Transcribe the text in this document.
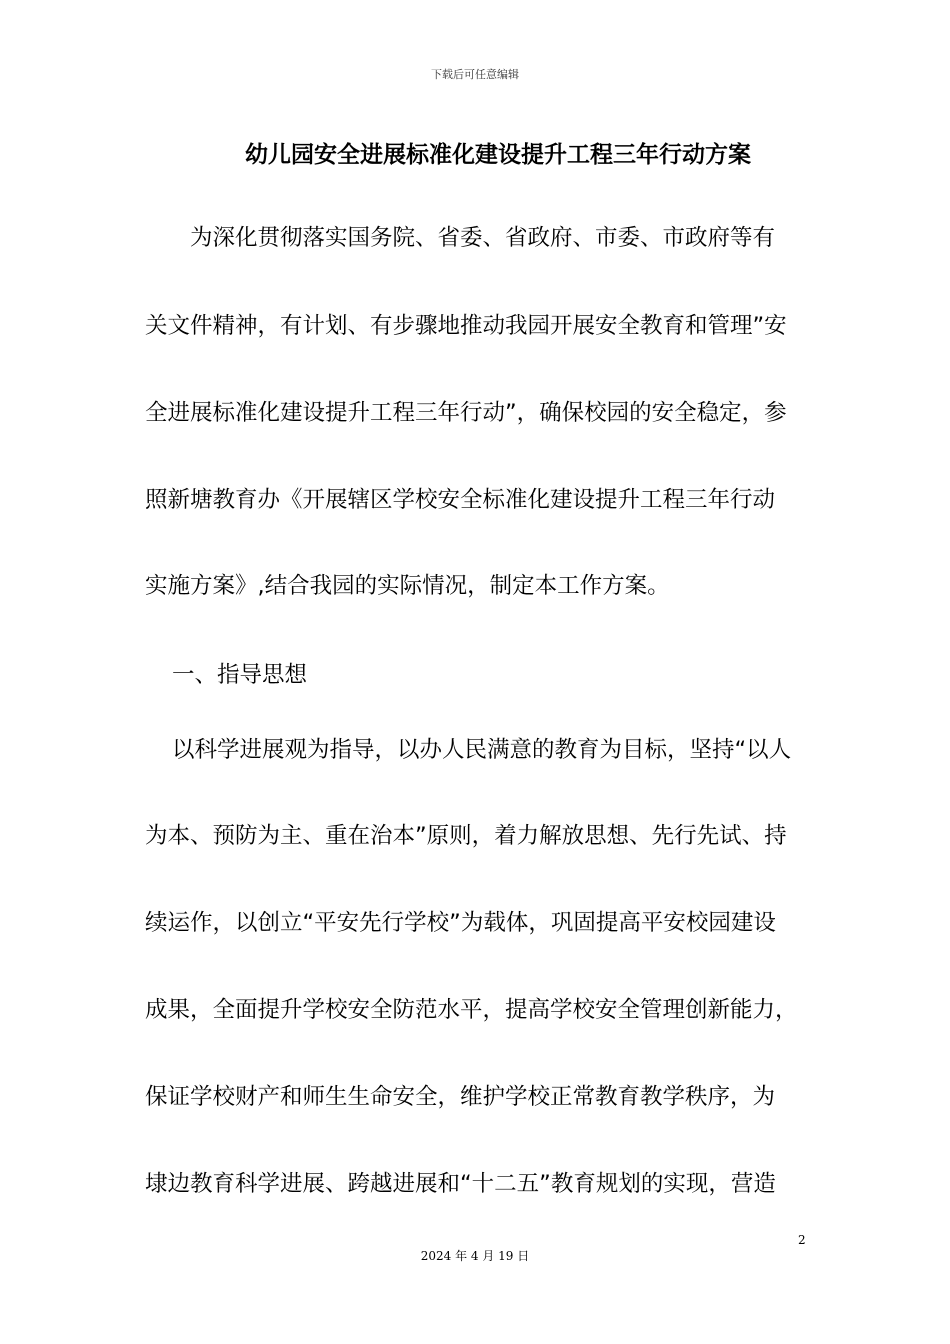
下载后可任意编辑
幼儿园安全进展标准化建设提升工程三年行动方案
为深化贯彻落实国务院、省委、省政府、市委、市政府等有
关文件精神，有计划、有步骤地推动我园开展安全教育和管理”安
全进展标准化建设提升工程三年行动”，确保校园的安全稳定，参
照新塘教育办《开展辖区学校安全标准化建设提升工程三年行动
实施方案》,结合我园的实际情况，制定本工作方案。
一、指导思想
以科学进展观为指导，以办人民满意的教育为目标，坚持“以人
为本、预防为主、重在治本”原则，着力解放思想、先行先试、持
续运作，以创立“平安先行学校”为载体，巩固提高平安校园建设
成果，全面提升学校安全防范水平，提高学校安全管理创新能力，
保证学校财产和师生生命安全，维护学校正常教育教学秩序，为
埭边教育科学进展、跨越进展和“十二五”教育规划的实现，营造
2
2024 年 4 月 19 日
